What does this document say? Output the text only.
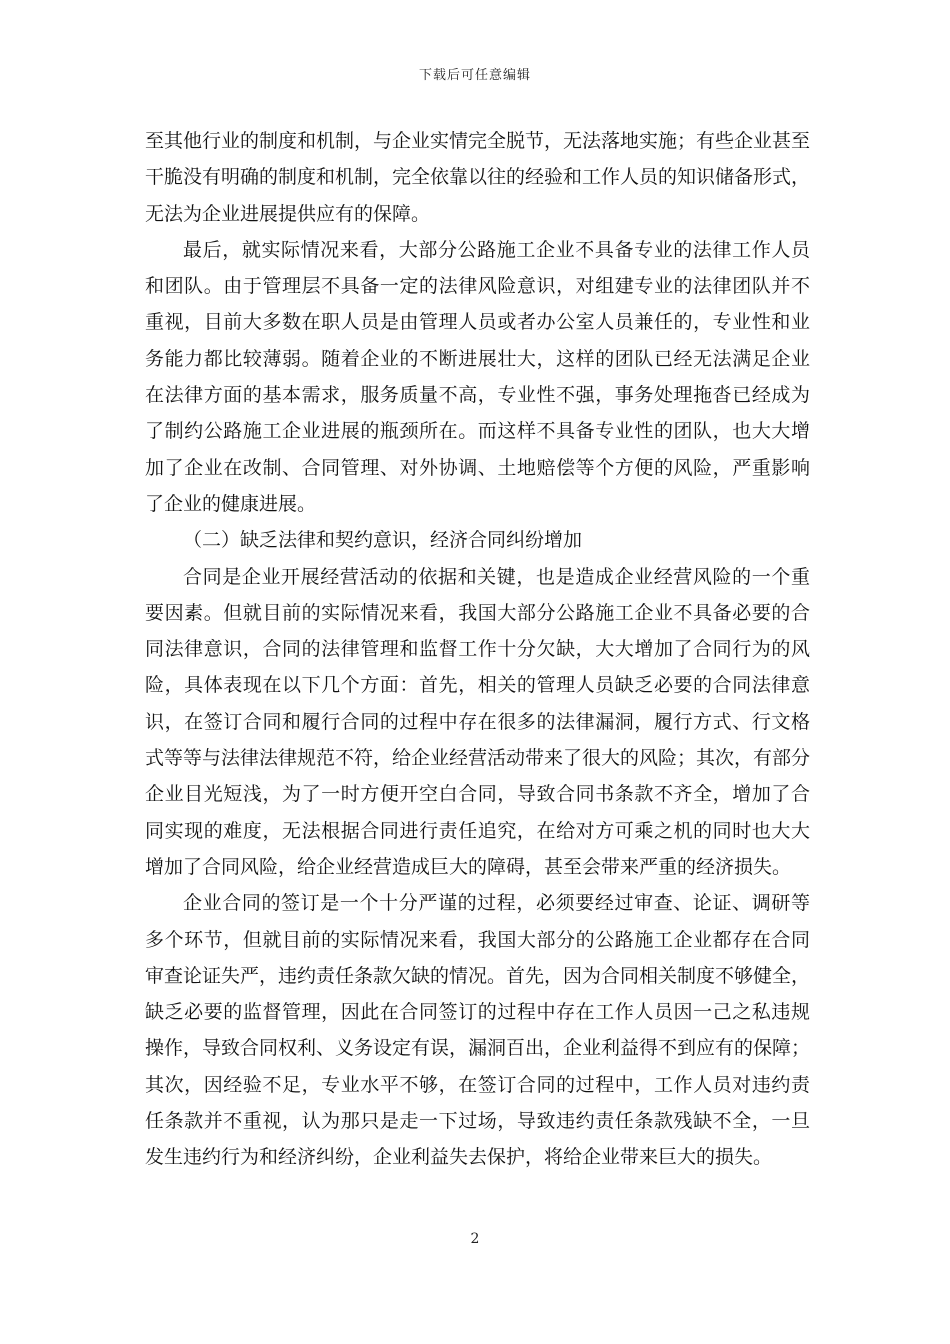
下载后可任意编辑
至其他行业的制度和机制，与企业实情完全脱节，无法落地实施；有些企业甚至
干脆没有明确的制度和机制，完全依靠以往的经验和工作人员的知识储备形式，
无法为企业进展提供应有的保障。
最后，就实际情况来看，大部分公路施工企业不具备专业的法律工作人员
和团队。由于管理层不具备一定的法律风险意识，对组建专业的法律团队并不
重视，目前大多数在职人员是由管理人员或者办公室人员兼任的，专业性和业
务能力都比较薄弱。随着企业的不断进展壮大，这样的团队已经无法满足企业
在法律方面的基本需求，服务质量不高，专业性不强，事务处理拖沓已经成为
了制约公路施工企业进展的瓶颈所在。而这样不具备专业性的团队，也大大增
加了企业在改制、合同管理、对外协调、土地赔偿等个方便的风险，严重影响
了企业的健康进展。
（二）缺乏法律和契约意识，经济合同纠纷增加
合同是企业开展经营活动的依据和关键，也是造成企业经营风险的一个重
要因素。但就目前的实际情况来看，我国大部分公路施工企业不具备必要的合
同法律意识，合同的法律管理和监督工作十分欠缺，大大增加了合同行为的风
险，具体表现在以下几个方面：首先，相关的管理人员缺乏必要的合同法律意
识，在签订合同和履行合同的过程中存在很多的法律漏洞，履行方式、行文格
式等等与法律法律规范不符，给企业经营活动带来了很大的风险；其次，有部分
企业目光短浅，为了一时方便开空白合同，导致合同书条款不齐全，增加了合
同实现的难度，无法根据合同进行责任追究，在给对方可乘之机的同时也大大
增加了合同风险，给企业经营造成巨大的障碍，甚至会带来严重的经济损失。
企业合同的签订是一个十分严谨的过程，必须要经过审查、论证、调研等
多个环节，但就目前的实际情况来看，我国大部分的公路施工企业都存在合同
审查论证失严，违约责任条款欠缺的情况。首先，因为合同相关制度不够健全，
缺乏必要的监督管理，因此在合同签订的过程中存在工作人员因一己之私违规
操作，导致合同权利、义务设定有误，漏洞百出，企业利益得不到应有的保障；
其次，因经验不足，专业水平不够，在签订合同的过程中，工作人员对违约责
任条款并不重视，认为那只是走一下过场，导致违约责任条款残缺不全，一旦
发生违约行为和经济纠纷，企业利益失去保护，将给企业带来巨大的损失。
2
